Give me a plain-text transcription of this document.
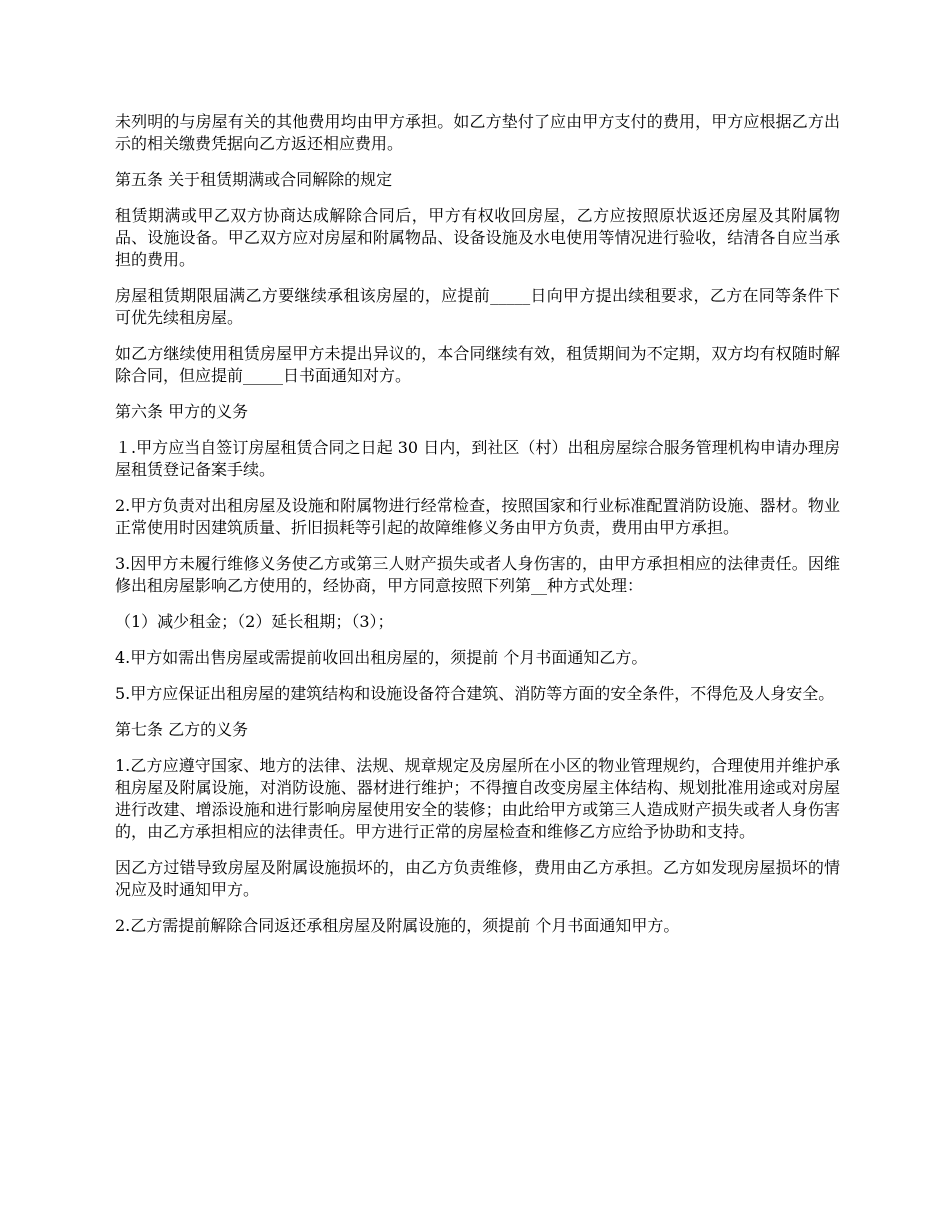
未列明的与房屋有关的其他费用均由甲方承担。如乙方垫付了应由甲方支付的费用，甲方应根据乙方出示的相关缴费凭据向乙方返还相应费用。

第五条 关于租赁期满或合同解除的规定

租赁期满或甲乙双方协商达成解除合同后，甲方有权收回房屋，乙方应按照原状返还房屋及其附属物品、设施设备。甲乙双方应对房屋和附属物品、设备设施及水电使用等情况进行验收，结清各自应当承担的费用。

房屋租赁期限届满乙方要继续承租该房屋的，应提前_____日向甲方提出续租要求，乙方在同等条件下可优先续租房屋。

如乙方继续使用租赁房屋甲方未提出异议的，本合同继续有效，租赁期间为不定期，双方均有权随时解除合同，但应提前_____日书面通知对方。

第六条 甲方的义务

１.甲方应当自签订房屋租赁合同之日起 30 日内，到社区（村）出租房屋综合服务管理机构申请办理房屋租赁登记备案手续。

2.甲方负责对出租房屋及设施和附属物进行经常检查，按照国家和行业标准配置消防设施、器材。物业正常使用时因建筑质量、折旧损耗等引起的故障维修义务由甲方负责，费用由甲方承担。

3.因甲方未履行维修义务使乙方或第三人财产损失或者人身伤害的，由甲方承担相应的法律责任。因维修出租房屋影响乙方使用的，经协商，甲方同意按照下列第__种方式处理：

（1）减少租金；（2）延长租期；（3）；

4.甲方如需出售房屋或需提前收回出租房屋的，须提前 个月书面通知乙方。

5.甲方应保证出租房屋的建筑结构和设施设备符合建筑、消防等方面的安全条件，不得危及人身安全。

第七条 乙方的义务

1.乙方应遵守国家、地方的法律、法规、规章规定及房屋所在小区的物业管理规约，合理使用并维护承租房屋及附属设施，对消防设施、器材进行维护；不得擅自改变房屋主体结构、规划批准用途或对房屋进行改建、增添设施和进行影响房屋使用安全的装修；由此给甲方或第三人造成财产损失或者人身伤害的，由乙方承担相应的法律责任。甲方进行正常的房屋检查和维修乙方应给予协助和支持。

因乙方过错导致房屋及附属设施损坏的，由乙方负责维修，费用由乙方承担。乙方如发现房屋损坏的情况应及时通知甲方。

2.乙方需提前解除合同返还承租房屋及附属设施的，须提前 个月书面通知甲方。
